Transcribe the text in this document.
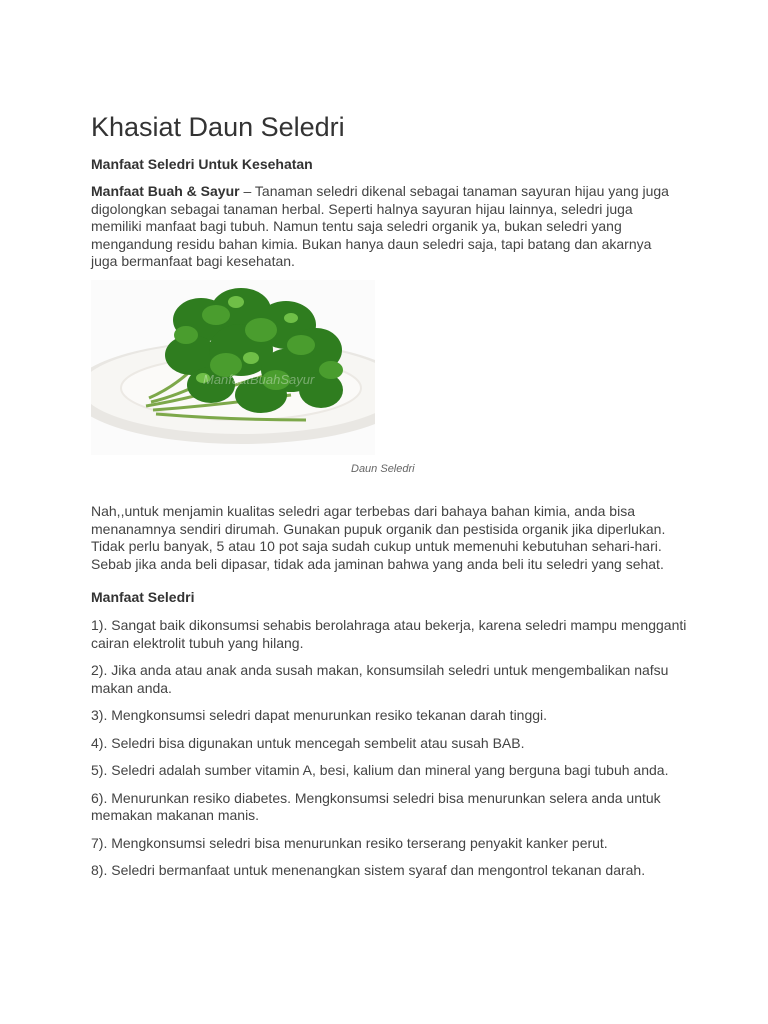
Khasiat Daun Seledri
Manfaat Seledri Untuk Kesehatan

Manfaat Buah & Sayur – Tanaman seledri dikenal sebagai tanaman sayuran hijau yang juga digolongkan sebagai tanaman herbal. Seperti halnya sayuran hijau lainnya, seledri juga memiliki manfaat bagi tubuh. Namun tentu saja seledri organik ya, bukan seledri yang mengandung residu bahan kimia. Bukan hanya daun seledri saja, tapi batang dan akarnya juga bermanfaat bagi kesehatan.

ManfaatBuahSayur
Daun Seledri

Nah,,untuk menjamin kualitas seledri agar terbebas dari bahaya bahan kimia, anda bisa menanamnya sendiri dirumah. Gunakan pupuk organik dan pestisida organik jika diperlukan. Tidak perlu banyak, 5 atau 10 pot saja sudah cukup untuk memenuhi kebutuhan sehari-hari. Sebab jika anda beli dipasar, tidak ada jaminan bahwa yang anda beli itu seledri yang sehat.

Manfaat Seledri
1). Sangat baik dikonsumsi sehabis berolahraga atau bekerja, karena seledri mampu mengganti cairan elektrolit tubuh yang hilang.
2). Jika anda atau anak anda susah makan, konsumsilah seledri untuk mengembalikan nafsu makan anda.
3). Mengkonsumsi seledri dapat menurunkan resiko tekanan darah tinggi.
4). Seledri bisa digunakan untuk mencegah sembelit atau susah BAB.
5). Seledri adalah sumber vitamin A, besi, kalium dan mineral yang berguna bagi tubuh anda.
6). Menurunkan resiko diabetes. Mengkonsumsi seledri bisa menurunkan selera anda untuk memakan makanan manis.
7). Mengkonsumsi seledri bisa menurunkan resiko terserang penyakit kanker perut.
8). Seledri bermanfaat untuk menenangkan sistem syaraf dan mengontrol tekanan darah.
